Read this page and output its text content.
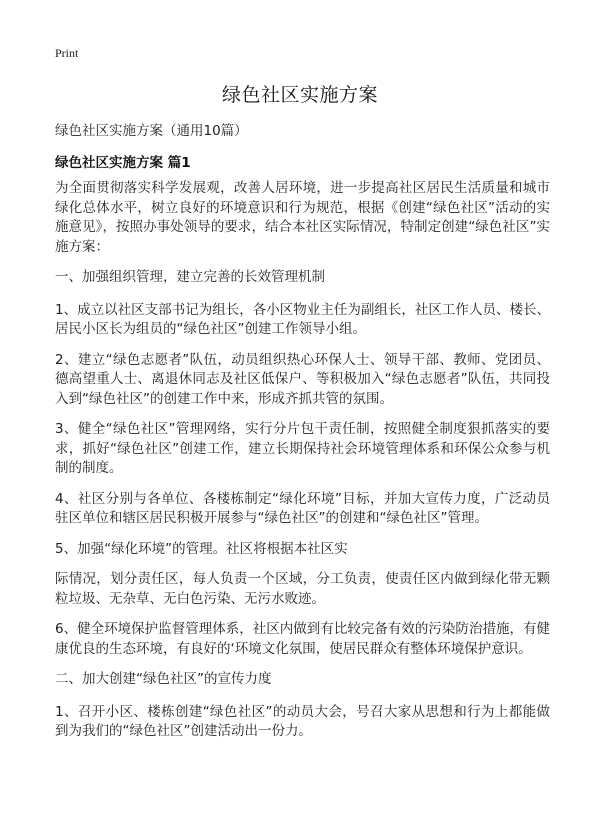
Print
绿色社区实施方案
绿色社区实施方案（通用10篇）
绿色社区实施方案 篇1

为全面贯彻落实科学发展观，改善人居环境，进一步提高社区居民生活质量和城市绿化总体水平，树立良好的环境意识和行为规范，根据《创建“绿色社区”活动的实施意见》，按照办事处领导的要求，结合本社区实际情况，特制定创建“绿色社区”实施方案：

一、加强组织管理，建立完善的长效管理机制

1、成立以社区支部书记为组长，各小区物业主任为副组长，社区工作人员、楼长、居民小区长为组员的“绿色社区”创建工作领导小组。

2、建立“绿色志愿者”队伍，动员组织热心环保人士、领导干部、教师、党团员、德高望重人士、离退休同志及社区低保户、等积极加入“绿色志愿者”队伍，共同投入到“绿色社区”的创建工作中来，形成齐抓共管的氛围。

3、健全“绿色社区”管理网络，实行分片包干责任制，按照健全制度狠抓落实的要求，抓好“绿色社区”创建工作，建立长期保持社会环境管理体系和环保公众参与机制的制度。

4、社区分别与各单位、各楼栋制定“绿化环境”目标，并加大宣传力度，广泛动员驻区单位和辖区居民积极开展参与“绿色社区”的创建和“绿色社区”管理。

5、加强“绿化环境”的管理。社区将根据本社区实

际情况，划分责任区，每人负责一个区域，分工负责，使责任区内做到绿化带无颗粒垃圾、无杂草、无白色污染、无污水败迹。

6、健全环境保护监督管理体系，社区内做到有比较完备有效的污染防治措施，有健康优良的生态环境，有良好的‘环境文化氛围，使居民群众有整体环境保护意识。

二、加大创建“绿色社区”的宣传力度

1、召开小区、楼栋创建“绿色社区”的动员大会，号召大家从思想和行为上都能做到为我们的“绿色社区”创建活动出一份力。
